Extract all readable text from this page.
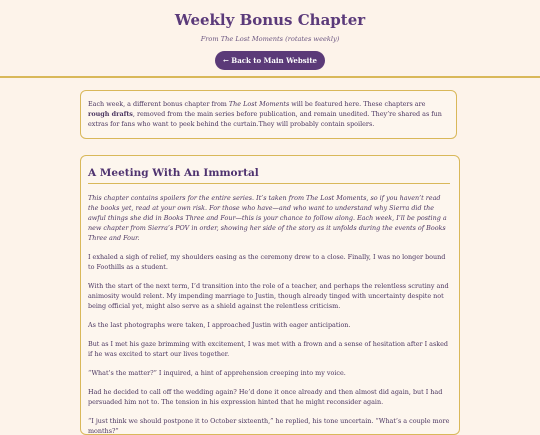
Weekly Bonus Chapter
From The Lost Moments (rotates weekly)
← Back to Main Website
Each week, a different bonus chapter from The Lost Moments will be featured here. These chapters are rough drafts, removed from the main series before publication, and remain unedited. They’re shared as fun extras for fans who want to peek behind the curtain.They will probably contain spoilers.
A Meeting With An Immortal

This chapter contains spoilers for the entire series. It’s taken from The Lost Moments, so if you haven’t read the books yet, read at your own risk. For those who have—and who want to understand why Sierra did the awful things she did in Books Three and Four—this is your chance to follow along. Each week, I’ll be posting a new chapter from Sierra’s POV in order, showing her side of the story as it unfolds during the events of Books Three and Four.

I exhaled a sigh of relief, my shoulders easing as the ceremony drew to a close. Finally, I was no longer bound to Foothills as a student.

With the start of the next term, I’d transition into the role of a teacher, and perhaps the relentless scrutiny and animosity would relent. My impending marriage to Justin, though already tinged with uncertainty despite not being official yet, might also serve as a shield against the relentless criticism.

As the last photographs were taken, I approached Justin with eager anticipation.

But as I met his gaze brimming with excitement, I was met with a frown and a sense of hesitation after I asked if he was excited to start our lives together.

“What’s the matter?” I inquired, a hint of apprehension creeping into my voice.

Had he decided to call off the wedding again? He’d done it once already and then almost did again, but I had persuaded him not to. The tension in his expression hinted that he might reconsider again.

“I just think we should postpone it to October sixteenth,” he replied, his tone uncertain. “What’s a couple more months?”
